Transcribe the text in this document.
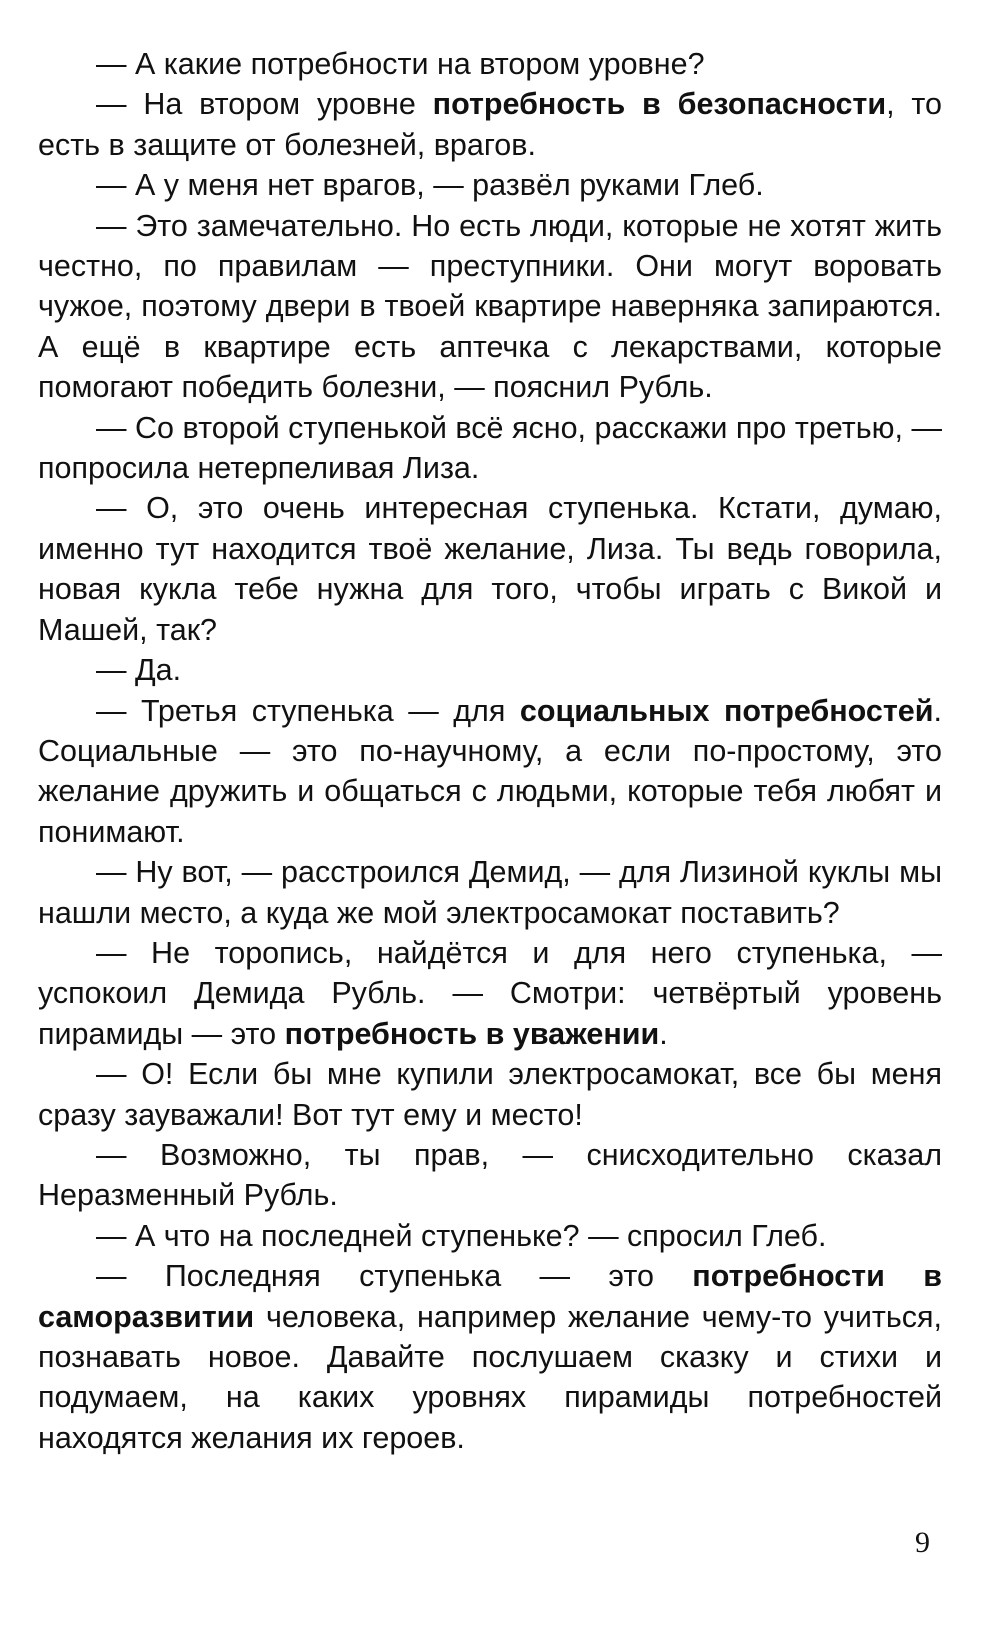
— А какие потребности на втором уровне?

— На втором уровне потребность в безопасности, то есть в защите от болезней, врагов.

— А у меня нет врагов, — развёл руками Глеб.

— Это замечательно. Но есть люди, которые не хотят жить честно, по правилам — преступники. Они могут воровать чужое, поэтому двери в твоей квартире наверняка запираются. А ещё в квартире есть аптечка с лекарствами, которые помогают победить болезни, — пояснил Рубль.

— Со второй ступенькой всё ясно, расскажи про третью, — попросила нетерпеливая Лиза.

— О, это очень интересная ступенька. Кстати, думаю, именно тут находится твоё желание, Лиза. Ты ведь говорила, новая кукла тебе нужна для того, чтобы играть с Викой и Машей, так?

— Да.

— Третья ступенька — для социальных потребностей. Социальные — это по-научному, а если по-простому, это желание дружить и общаться с людьми, которые тебя любят и понимают.

— Ну вот, — расстроился Демид, — для Лизиной куклы мы нашли место, а куда же мой электросамокат поставить?

— Не торопись, найдётся и для него ступенька, — успокоил Демида Рубль. — Смотри: четвёртый уровень пирамиды — это потребность в уважении.

— О! Если бы мне купили электросамокат, все бы меня сразу зауважали! Вот тут ему и место!

— Возможно, ты прав, — снисходительно сказал Неразменный Рубль.

— А что на последней ступеньке? — спросил Глеб.

— Последняя ступенька — это потребности в саморазвитии человека, например желание чему-то учиться, познавать новое. Давайте послушаем сказку и стихи и подумаем, на каких уровнях пирамиды потребностей находятся желания их героев.

9
